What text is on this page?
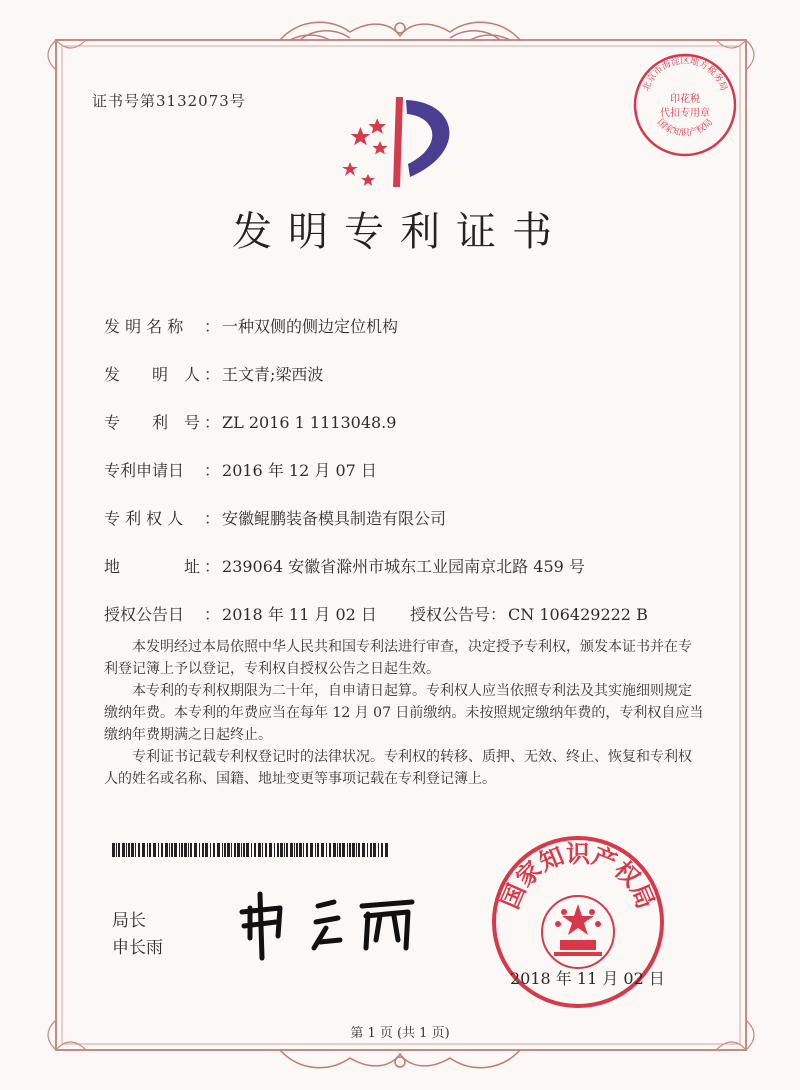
证书号第3132073号
发明专利证书
发 明 名 称 ： 一种双侧的侧边定位机构
发　　明　人 ： 王文青;梁西波
专　　利　号 ： ZL 2016 1 1113048.9
专利申请日 ： 2016 年 12 月 07 日
专 利 权 人 ： 安徽鲲鹏装备模具制造有限公司
地　　　　址 ： 239064 安徽省滁州市城东工业园南京北路 459 号
授权公告日 ： 2018 年 11 月 02 日 授权公告号： CN 106429222 B

本发明经过本局依照中华人民共和国专利法进行审查，决定授予专利权，颁发本证书并在专利登记簿上予以登记，专利权自授权公告之日起生效。

本专利的专利权期限为二十年，自申请日起算。专利权人应当依照专利法及其实施细则规定缴纳年费。本专利的年费应当在每年 12 月 07 日前缴纳。未按照规定缴纳年费的，专利权自应当缴纳年费期满之日起终止。

专利证书记载专利权登记时的法律状况。专利权的转移、质押、无效、终止、恢复和专利权人的姓名或名称、国籍、地址变更等事项记载在专利登记簿上。

局长
申长雨
国家知识产权局
2018 年 11 月 02 日
北京市海淀区地方税务局
印花税
代扣专用章
国家知识产权局
第 1 页 (共 1 页)
